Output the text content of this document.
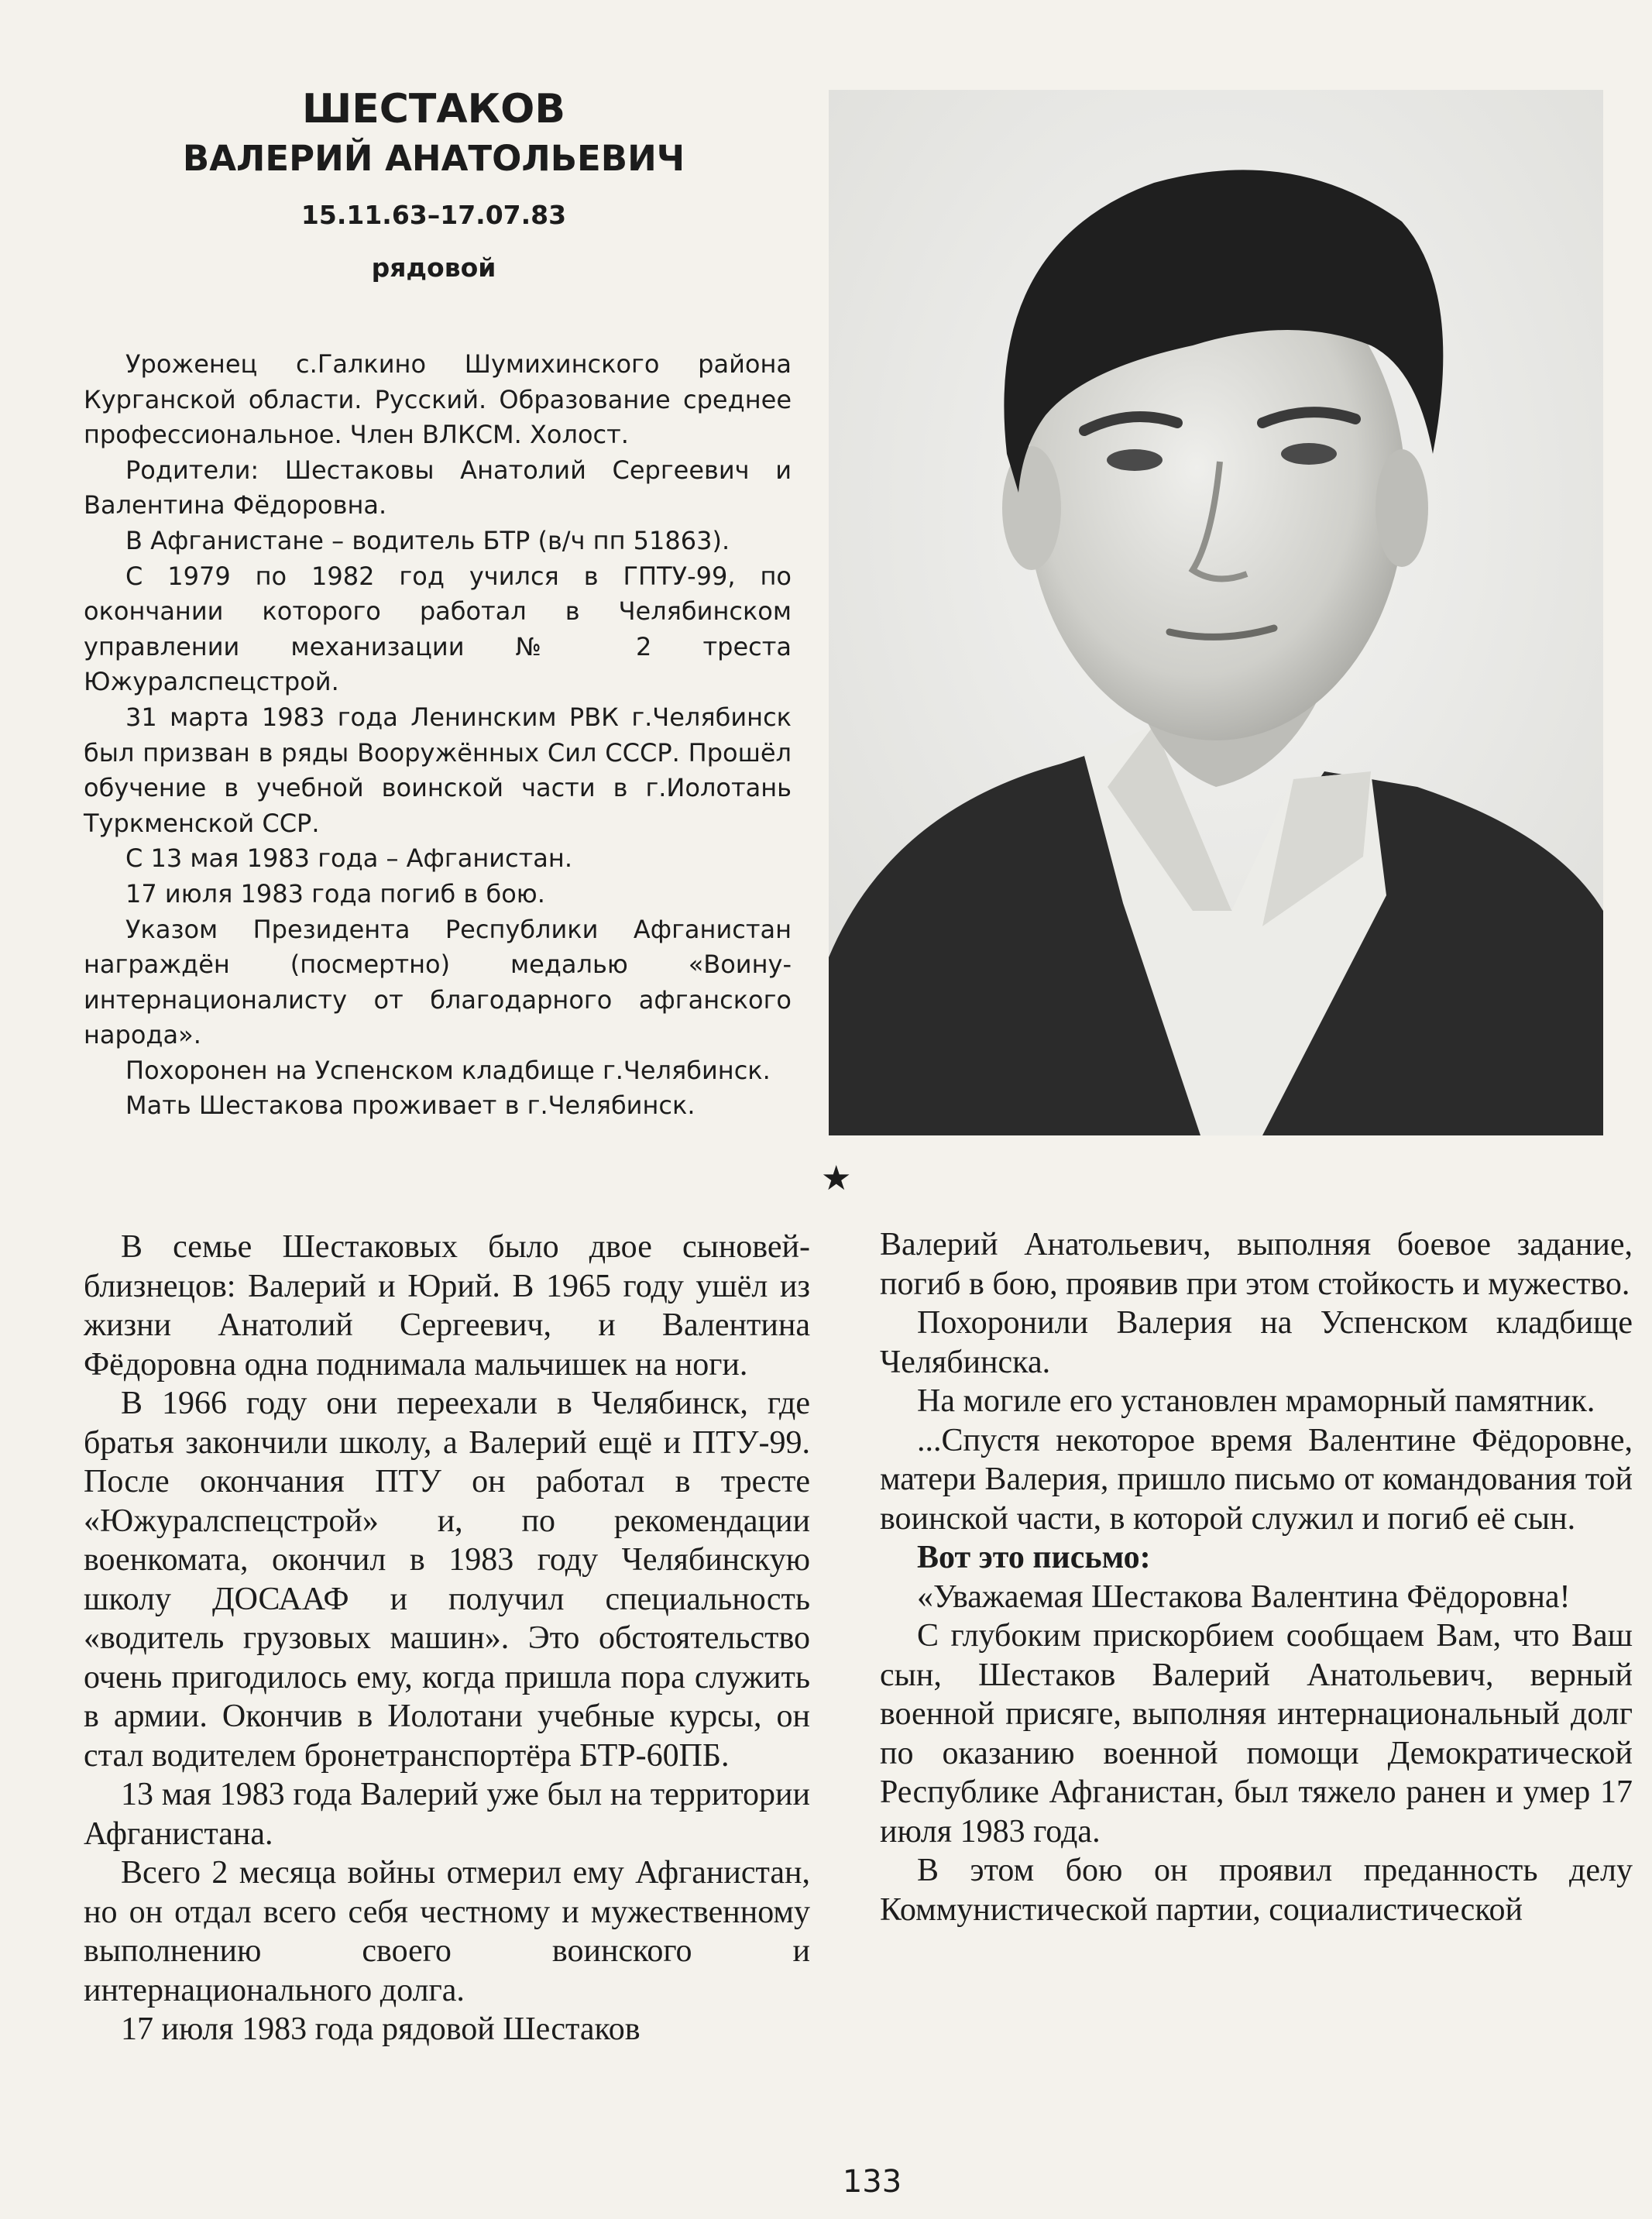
ШЕСТАКОВ
ВАЛЕРИЙ АНАТОЛЬЕВИЧ
15.11.63–17.07.83
рядовой

Уроженец с.Галкино Шумихинского района Курганской области. Русский. Образование среднее профессиональное. Член ВЛКСМ. Холост.

Родители: Шестаковы Анатолий Сергеевич и Валентина Фёдоровна.

В Афганистане – водитель БТР (в/ч пп 51863).

С 1979 по 1982 год учился в ГПТУ-99, по окончании которого работал в Челябинском управлении механизации № 2 треста Южуралспецстрой.

31 марта 1983 года Ленинским РВК г.Челябинск был призван в ряды Вооружённых Сил СССР. Прошёл обучение в учебной воинской части в г.Иолотань Туркменской ССР.

С 13 мая 1983 года – Афганистан.

17 июля 1983 года погиб в бою.

Указом Президента Республики Афганистан награждён (посмертно) медалью «Воину-интернационалисту от благодарного афганского народа».

Похоронен на Успенском кладбище г.Челябинск.

Мать Шестакова проживает в г.Челябинск.

★

В семье Шестаковых было двое сыновей-близнецов: Валерий и Юрий. В 1965 году ушёл из жизни Анатолий Сергеевич, и Валентина Фёдоровна одна поднимала мальчишек на ноги.

В 1966 году они переехали в Челябинск, где братья закончили школу, а Валерий ещё и ПТУ-99. После окончания ПТУ он работал в тресте «Южуралспецстрой» и, по рекомендации военкомата, окончил в 1983 году Челябинскую школу ДОСААФ и получил специальность «водитель грузовых машин». Это обстоятельство очень пригодилось ему, когда пришла пора служить в армии. Окончив в Иолотани учебные курсы, он стал водителем бронетранспортёра БТР-60ПБ.

13 мая 1983 года Валерий уже был на территории Афганистана.

Всего 2 месяца войны отмерил ему Афганистан, но он отдал всего себя честному и мужественному выполнению своего воинского и интернационального долга.

17 июля 1983 года рядовой Шестаков

Валерий Анатольевич, выполняя боевое задание, погиб в бою, проявив при этом стойкость и мужество.

Похоронили Валерия на Успенском кладбище Челябинска.

На могиле его установлен мраморный памятник.

...Спустя некоторое время Валентине Фёдоровне, матери Валерия, пришло письмо от командования той воинской части, в которой служил и погиб её сын.

Вот это письмо:

«Уважаемая Шестакова Валентина Фёдоровна!

С глубоким прискорбием сообщаем Вам, что Ваш сын, Шестаков Валерий Анатольевич, верный военной присяге, выполняя интернациональный долг по оказанию военной помощи Демократической Республике Афганистан, был тяжело ранен и умер 17 июля 1983 года.

В этом бою он проявил преданность делу Коммунистической партии, социалистической

133
